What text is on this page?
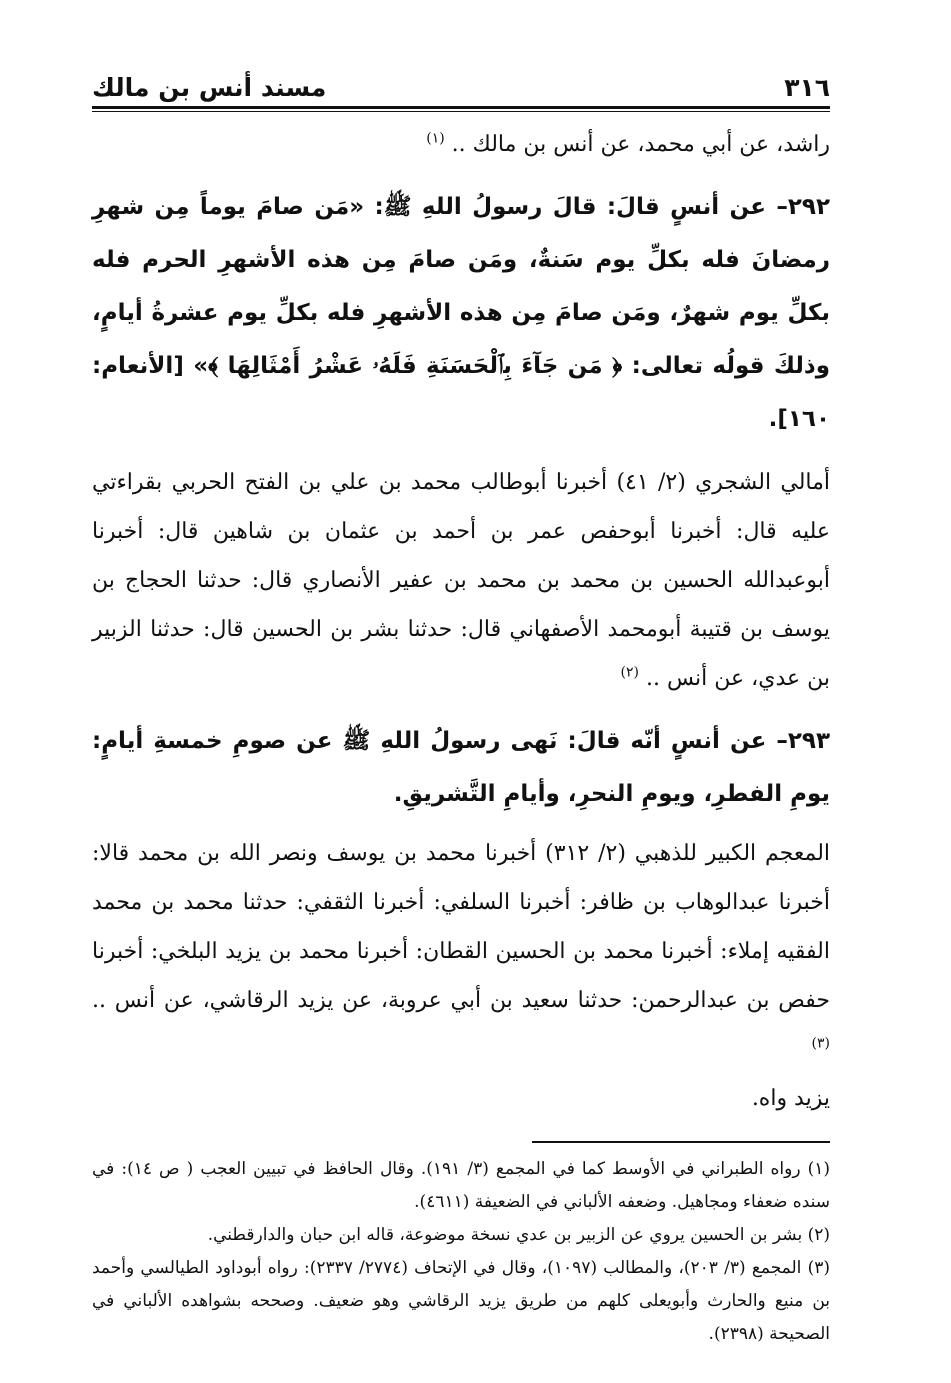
٣١٦
مسند أنس بن مالك

راشد، عن أبي محمد، عن أنس بن مالك .. $^{(١)}$

٢٩٢– عن أنسٍ قالَ: قالَ رسولُ اللهِ ﷺ: «مَن صامَ يوماً مِن شهرِ رمضانَ فله بكلِّ يوم سَنةٌ، ومَن صامَ مِن هذه الأشهرِ الحرم فله بكلِّ يوم شهرٌ، ومَن صامَ مِن هذه الأشهرِ فله بكلِّ يوم عشرةُ أيامٍ، وذلكَ قولُه تعالى: ﴿ مَن جَآءَ بِٱلْحَسَنَةِ فَلَهُۥ عَشْرُ أَمْثَالِهَا ﴾» [الأنعام: ١٦٠].

أمالي الشجري (٢/ ٤١) أخبرنا أبوطالب محمد بن علي بن الفتح الحربي بقراءتي عليه قال: أخبرنا أبوحفص عمر بن أحمد بن عثمان بن شاهين قال: أخبرنا أبوعبدالله الحسين بن محمد بن محمد بن عفير الأنصاري قال: حدثنا الحجاج بن يوسف بن قتيبة أبومحمد الأصفهاني قال: حدثنا بشر بن الحسين قال: حدثنا الزبير بن عدي، عن أنس .. $^{(٢)}$

٢٩٣– عن أنسٍ أنّه قالَ: نَهى رسولُ اللهِ ﷺ عن صومِ خمسةِ أيامٍ: يومِ الفطرِ، ويومِ النحرِ، وأيامِ التَّشريقِ.

المعجم الكبير للذهبي (٢/ ٣١٢) أخبرنا محمد بن يوسف ونصر الله بن محمد قالا: أخبرنا عبدالوهاب بن ظافر: أخبرنا السلفي: أخبرنا الثقفي: حدثنا محمد بن محمد الفقيه إملاء: أخبرنا محمد بن الحسين القطان: أخبرنا محمد بن يزيد البلخي: أخبرنا حفص بن عبدالرحمن: حدثنا سعيد بن أبي عروبة، عن يزيد الرقاشي، عن أنس .. $^{(٣)}$

يزيد واه.

(١) رواه الطبراني في الأوسط كما في المجمع (٣/ ١٩١). وقال الحافظ في تبيين العجب ( ص ١٤): في سنده ضعفاء ومجاهيل. وضعفه الألباني في الضعيفة (٤٦١١).

(٢) بشر بن الحسين يروي عن الزبير بن عدي نسخة موضوعة، قاله ابن حبان والدارقطني.

(٣) المجمع (٣/ ٢٠٣)، والمطالب (١٠٩٧)، وقال في الإتحاف (٢٧٧٤/ ٢٣٣٧): رواه أبوداود الطيالسي وأحمد بن منيع والحارث وأبويعلى كلهم من طريق يزيد الرقاشي وهو ضعيف. وصححه بشواهده الألباني في الصحيحة (٢٣٩٨).
